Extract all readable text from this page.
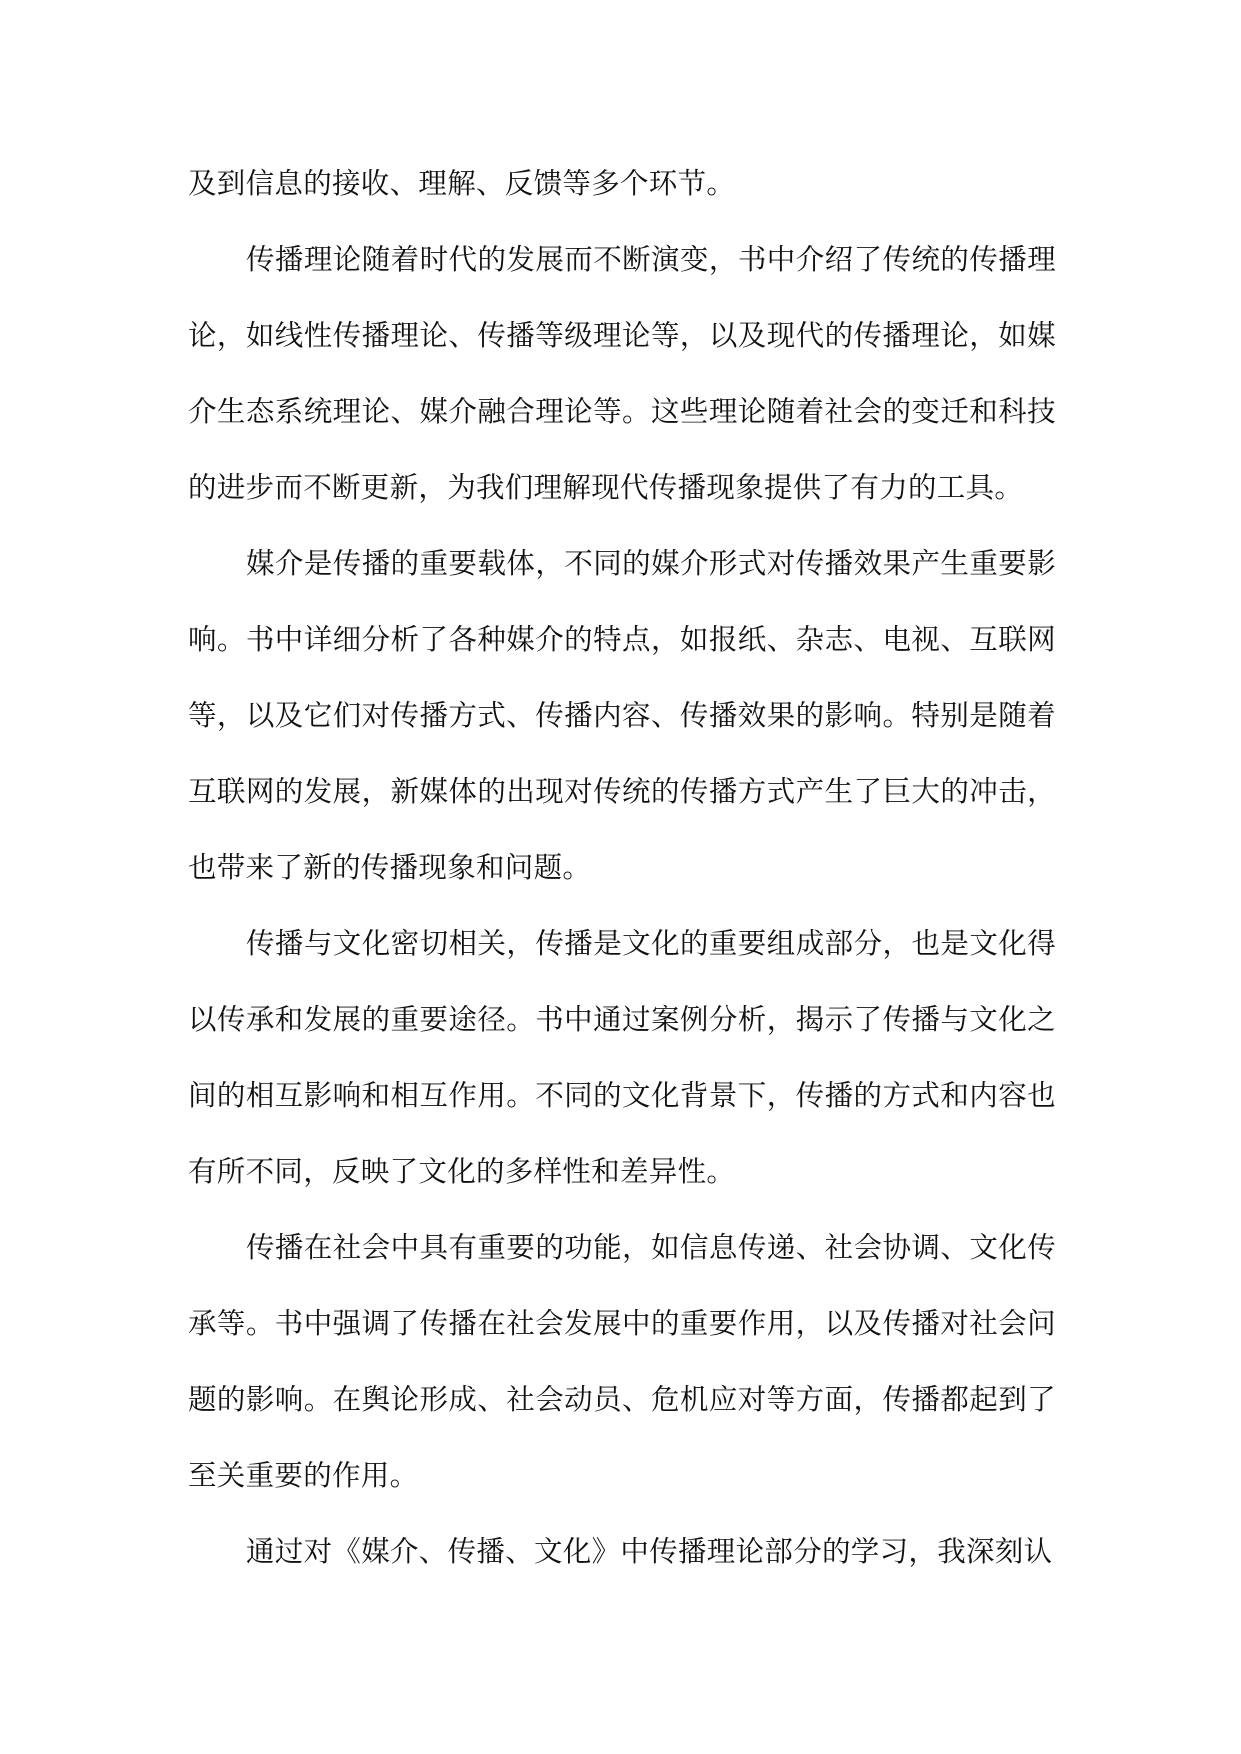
及到信息的接收、理解、反馈等多个环节。

传播理论随着时代的发展而不断演变，书中介绍了传统的传播理论，如线性传播理论、传播等级理论等，以及现代的传播理论，如媒介生态系统理论、媒介融合理论等。这些理论随着社会的变迁和科技的进步而不断更新，为我们理解现代传播现象提供了有力的工具。

媒介是传播的重要载体，不同的媒介形式对传播效果产生重要影响。书中详细分析了各种媒介的特点，如报纸、杂志、电视、互联网等，以及它们对传播方式、传播内容、传播效果的影响。特别是随着互联网的发展，新媒体的出现对传统的传播方式产生了巨大的冲击，也带来了新的传播现象和问题。

传播与文化密切相关，传播是文化的重要组成部分，也是文化得以传承和发展的重要途径。书中通过案例分析，揭示了传播与文化之间的相互影响和相互作用。不同的文化背景下，传播的方式和内容也有所不同，反映了文化的多样性和差异性。

传播在社会中具有重要的功能，如信息传递、社会协调、文化传承等。书中强调了传播在社会发展中的重要作用，以及传播对社会问题的影响。在舆论形成、社会动员、危机应对等方面，传播都起到了至关重要的作用。

通过对《媒介、传播、文化》中传播理论部分的学习，我深刻认
